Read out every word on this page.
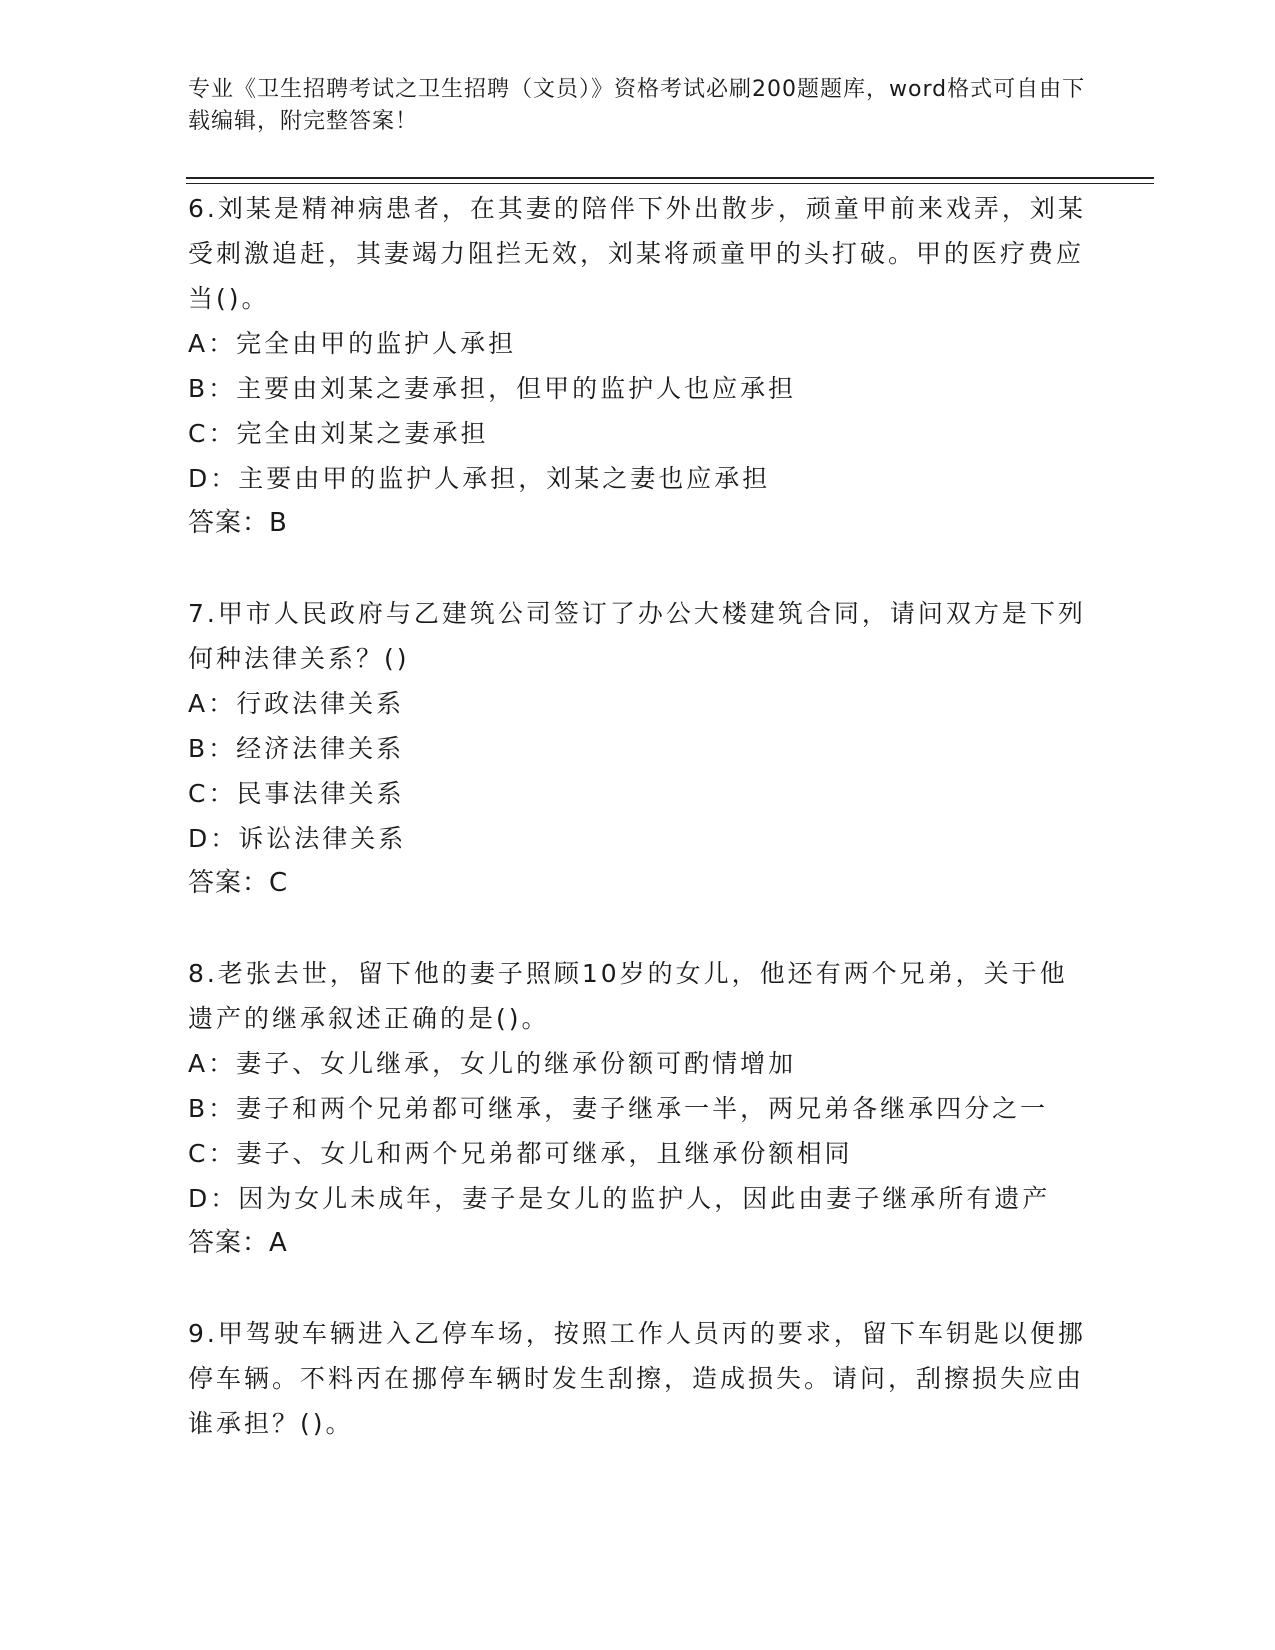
专业《卫生招聘考试之卫生招聘（文员）》资格考试必刷200题题库，word格式可自由下载编辑，附完整答案！
6.刘某是精神病患者，在其妻的陪伴下外出散步，顽童甲前来戏弄，刘某受刺激追赶，其妻竭力阻拦无效，刘某将顽童甲的头打破。甲的医疗费应当()。
A：完全由甲的监护人承担
B：主要由刘某之妻承担，但甲的监护人也应承担
C：完全由刘某之妻承担
D：主要由甲的监护人承担，刘某之妻也应承担
答案：B
7.甲市人民政府与乙建筑公司签订了办公大楼建筑合同，请问双方是下列何种法律关系？()
A：行政法律关系
B：经济法律关系
C：民事法律关系
D：诉讼法律关系
答案：C
8.老张去世，留下他的妻子照顾10岁的女儿，他还有两个兄弟，关于他遗产的继承叙述正确的是()。
A：妻子、女儿继承，女儿的继承份额可酌情增加
B：妻子和两个兄弟都可继承，妻子继承一半，两兄弟各继承四分之一
C：妻子、女儿和两个兄弟都可继承，且继承份额相同
D：因为女儿未成年，妻子是女儿的监护人，因此由妻子继承所有遗产
答案：A
9.甲驾驶车辆进入乙停车场，按照工作人员丙的要求，留下车钥匙以便挪停车辆。不料丙在挪停车辆时发生刮擦，造成损失。请问，刮擦损失应由谁承担？()。
